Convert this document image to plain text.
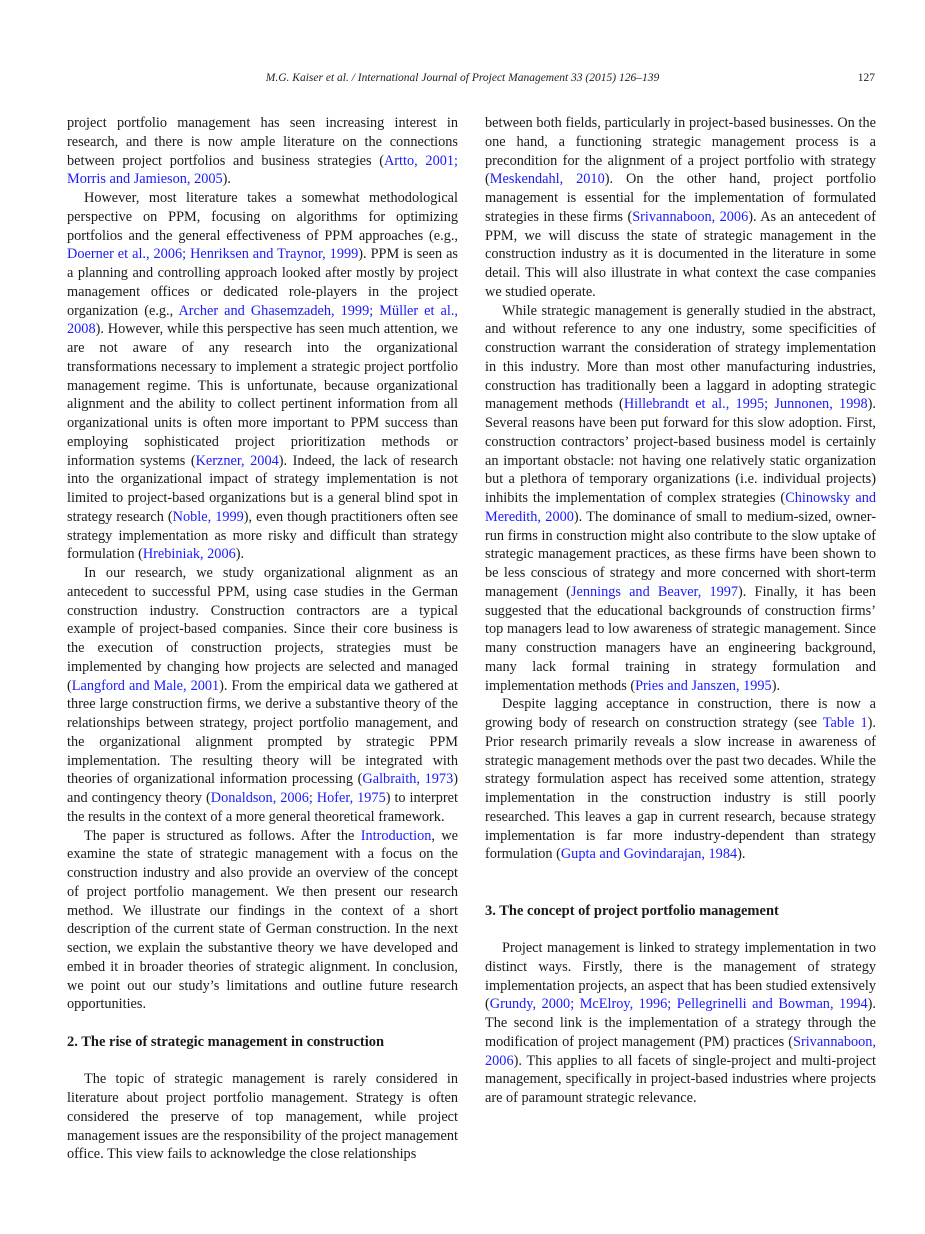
M.G. Kaiser et al. / International Journal of Project Management 33 (2015) 126–139	127

project portfolio management has seen increasing interest in research, and there is now ample literature on the connections between project portfolios and business strategies (Artto, 2001; Morris and Jamieson, 2005).

However, most literature takes a somewhat methodological perspective on PPM, focusing on algorithms for optimizing portfolios and the general effectiveness of PPM approaches (e.g., Doerner et al., 2006; Henriksen and Traynor, 1999). PPM is seen as a planning and controlling approach looked after mostly by project management offices or dedicated role-players in the project organization (e.g., Archer and Ghasemzadeh, 1999; Müller et al., 2008). However, while this perspective has seen much attention, we are not aware of any research into the organizational transformations necessary to implement a strategic project portfolio management regime. This is unfortunate, because organizational alignment and the ability to collect pertinent information from all organizational units is often more important to PPM success than employing sophisticated project prioritization methods or information systems (Kerzner, 2004). Indeed, the lack of research into the organizational impact of strategy implementation is not limited to project-based organizations but is a general blind spot in strategy research (Noble, 1999), even though practitioners often see strategy implementation as more risky and difficult than strategy formulation (Hrebiniak, 2006).

In our research, we study organizational alignment as an antecedent to successful PPM, using case studies in the German construction industry. Construction contractors are a typical example of project-based companies. Since their core business is the execution of construction projects, strategies must be implemented by changing how projects are selected and managed (Langford and Male, 2001). From the empirical data we gathered at three large construction firms, we derive a substantive theory of the relationships between strategy, project portfolio management, and the organizational alignment prompted by strategic PPM implementation. The resulting theory will be integrated with theories of organizational information processing (Galbraith, 1973) and contingency theory (Donaldson, 2006; Hofer, 1975) to interpret the results in the context of a more general theoretical framework.

The paper is structured as follows. After the Introduction, we examine the state of strategic management with a focus on the construction industry and also provide an overview of the concept of project portfolio management. We then present our research method. We illustrate our findings in the context of a short description of the current state of German construction. In the next section, we explain the substantive theory we have developed and embed it in broader theories of strategic alignment. In conclusion, we point out our study’s limitations and outline future research opportunities.

2. The rise of strategic management in construction

The topic of strategic management is rarely considered in literature about project portfolio management. Strategy is often considered the preserve of top management, while project management issues are the responsibility of the project management office. This view fails to acknowledge the close relationships

between both fields, particularly in project-based businesses. On the one hand, a functioning strategic management process is a precondition for the alignment of a project portfolio with strategy (Meskendahl, 2010). On the other hand, project portfolio management is essential for the implementation of formulated strategies in these firms (Srivannaboon, 2006). As an antecedent of PPM, we will discuss the state of strategic management in the construction industry as it is documented in the literature in some detail. This will also illustrate in what context the case companies we studied operate.

While strategic management is generally studied in the abstract, and without reference to any one industry, some specificities of construction warrant the consideration of strategy implementation in this industry. More than most other manufacturing industries, construction has traditionally been a laggard in adopting strategic management methods (Hillebrandt et al., 1995; Junnonen, 1998). Several reasons have been put forward for this slow adoption. First, construction contractors’ project-based business model is certainly an important obstacle: not having one relatively static organization but a plethora of temporary organizations (i.e. individual projects) inhibits the implementation of complex strategies (Chinowsky and Meredith, 2000). The dominance of small to medium-sized, owner-run firms in construction might also contribute to the slow uptake of strategic management practices, as these firms have been shown to be less conscious of strategy and more concerned with short-term management (Jennings and Beaver, 1997). Finally, it has been suggested that the educational backgrounds of construction firms’ top managers lead to low awareness of strategic management. Since many construction managers have an engineering background, many lack formal training in strategy formulation and implementation methods (Pries and Janszen, 1995).

Despite lagging acceptance in construction, there is now a growing body of research on construction strategy (see Table 1). Prior research primarily reveals a slow increase in awareness of strategic management methods over the past two decades. While the strategy formulation aspect has received some attention, strategy implementation in the construction industry is still poorly researched. This leaves a gap in current research, because strategy implementation is far more industry-dependent than strategy formulation (Gupta and Govindarajan, 1984).

3. The concept of project portfolio management

Project management is linked to strategy implementation in two distinct ways. Firstly, there is the management of strategy implementation projects, an aspect that has been studied extensively (Grundy, 2000; McElroy, 1996; Pellegrinelli and Bowman, 1994). The second link is the implementation of a strategy through the modification of project management (PM) practices (Srivannaboon, 2006). This applies to all facets of single-project and multi-project management, specifically in project-based industries where projects are of paramount strategic relevance.
